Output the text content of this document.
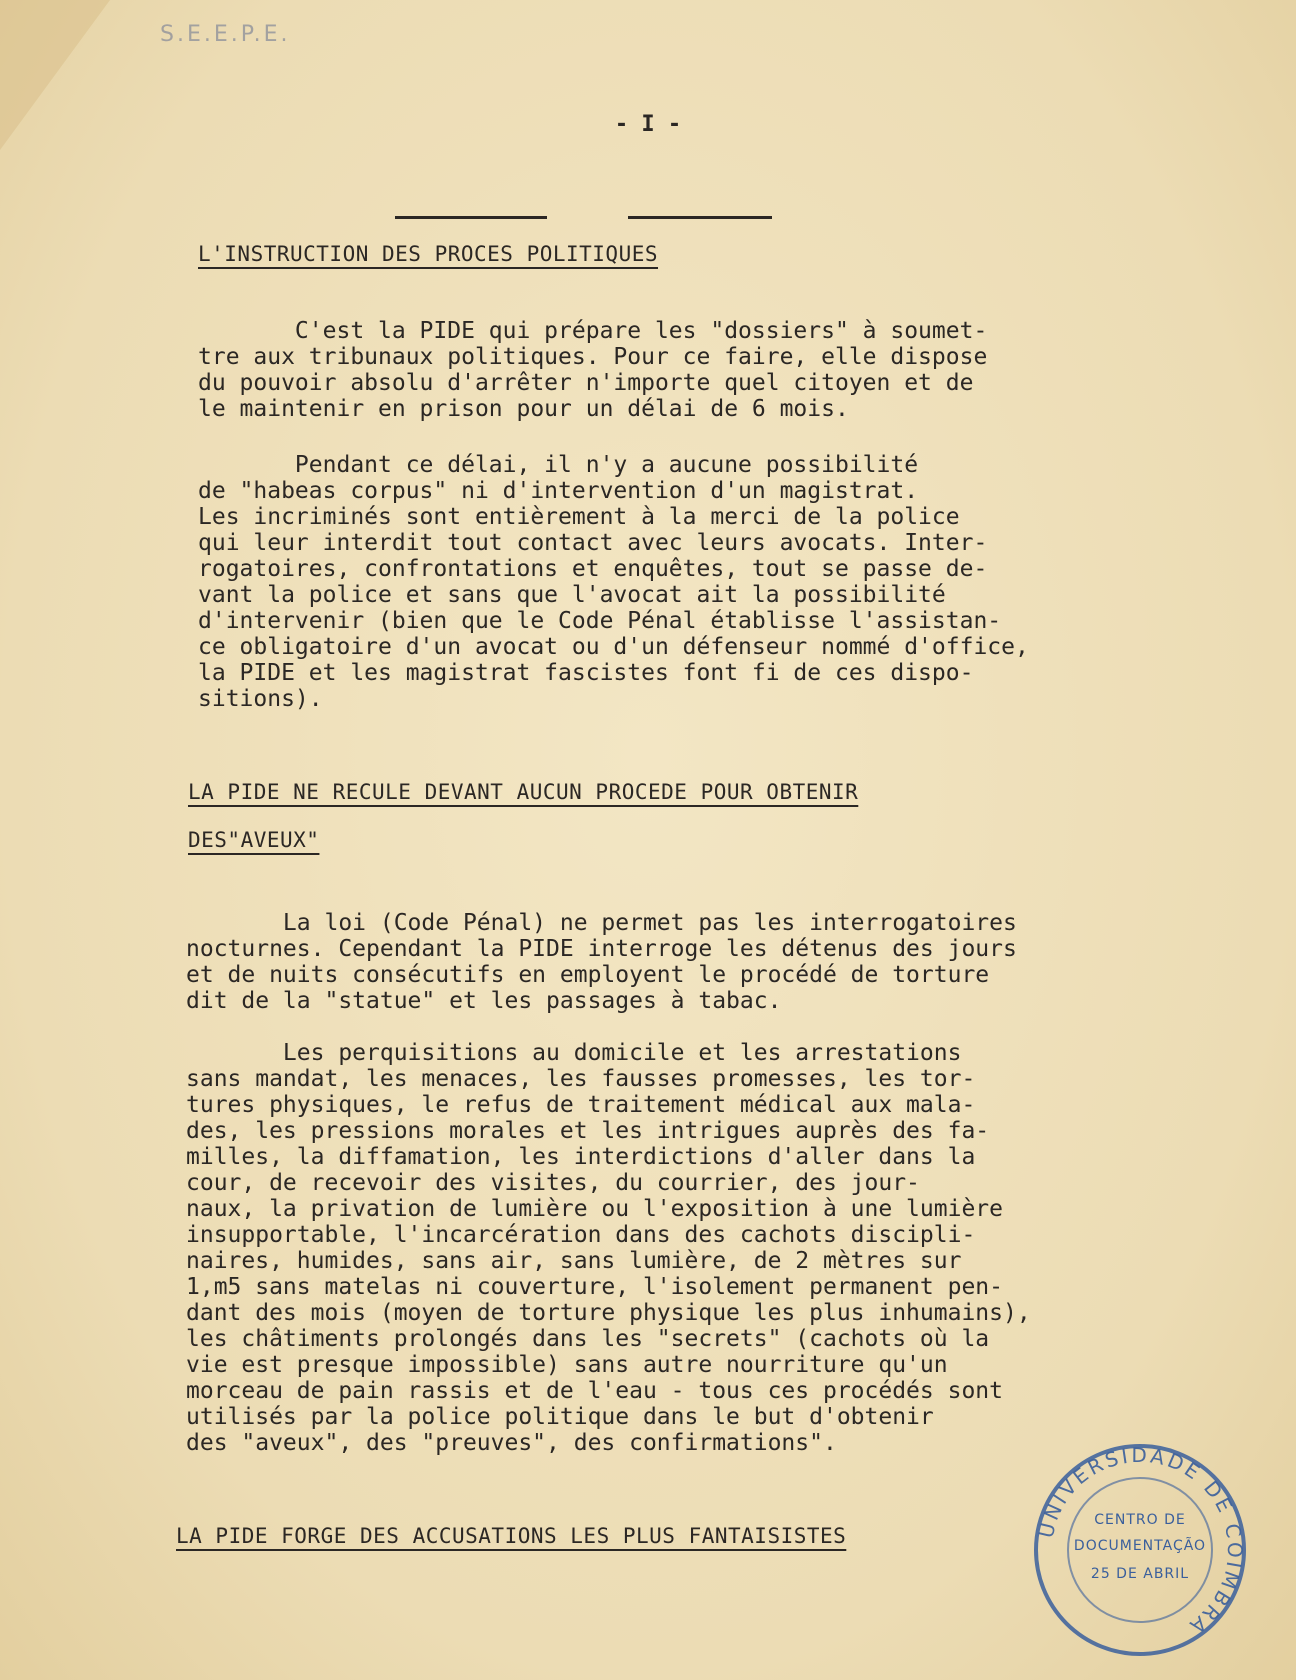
S.E.E.P.E.
- I -
L'INSTRUCTION DES PROCES POLITIQUES
C'est la PIDE qui prépare les "dossiers" à soumet-
tre aux tribunaux politiques. Pour ce faire, elle dispose
du pouvoir absolu d'arrêter n'importe quel citoyen et de
le maintenir en prison pour un délai de 6 mois.
Pendant ce délai, il n'y a aucune possibilité
de "habeas corpus" ni d'intervention d'un magistrat.
Les incriminés sont entièrement à la merci de la police
qui leur interdit tout contact avec leurs avocats. Inter-
rogatoires, confrontations et enquêtes, tout se passe de-
vant la police et sans que l'avocat ait la possibilité
d'intervenir (bien que le Code Pénal établisse l'assistan-
ce obligatoire d'un avocat ou d'un défenseur nommé d'office,
la PIDE et les magistrat fascistes font fi de ces dispo-
sitions).
LA PIDE NE RECULE DEVANT AUCUN PROCEDE POUR OBTENIR
DES"AVEUX"
La loi (Code Pénal) ne permet pas les interrogatoires
nocturnes. Cependant la PIDE interroge les détenus des jours
et de nuits consécutifs en employent le procédé de torture
dit de la "statue" et les passages à tabac.
Les perquisitions au domicile et les arrestations
sans mandat, les menaces, les fausses promesses, les tor-
tures physiques, le refus de traitement médical aux mala-
des, les pressions morales et les intrigues auprès des fa-
milles, la diffamation, les interdictions d'aller dans la
cour, de recevoir des visites, du courrier, des jour-
naux, la privation de lumière ou l'exposition à une lumière
insupportable, l'incarcération dans des cachots discipli-
naires, humides, sans air, sans lumière, de 2 mètres sur
1,m5 sans matelas ni couverture, l'isolement permanent pen-
dant des mois (moyen de torture physique les plus inhumains),
les châtiments prolongés dans les "secrets" (cachots où la
vie est presque impossible) sans autre nourriture qu'un
morceau de pain rassis et de l'eau - tous ces procédés sont
utilisés par la police politique dans le but d'obtenir
des "aveux", des "preuves", des confirmations".
LA PIDE FORGE DES ACCUSATIONS LES PLUS FANTAISISTES	UNIVERSIDADE DE COIMBRA
CENTRO DE
DOCUMENTAÇÃO
25 DE ABRIL
